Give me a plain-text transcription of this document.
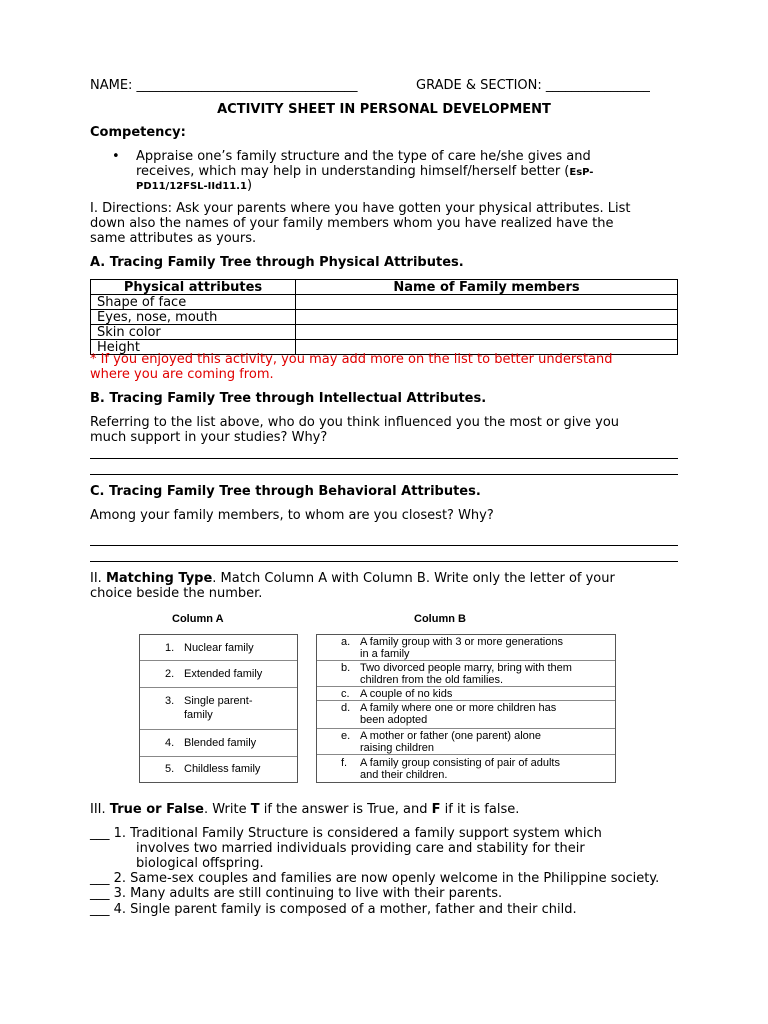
NAME: __________________________________	GRADE & SECTION: ________________
ACTIVITY SHEET IN PERSONAL DEVELOPMENT
Competency:
• Appraise one’s family structure and the type of care he/she gives and
receives, which may help in understanding himself/herself better (EsP-
PD11/12FSL-IId11.1)
I. Directions: Ask your parents where you have gotten your physical attributes. List
down also the names of your family members whom you have realized have the
same attributes as yours.
A. Tracing Family Tree through Physical Attributes.
Physical attributes	Name of Family members
Shape of face	
Eyes, nose, mouth	
Skin color	
Height	
* If you enjoyed this activity, you may add more on the list to better understand
where you are coming from.
B. Tracing Family Tree through Intellectual Attributes.
Referring to the list above, who do you think influenced you the most or give you
much support in your studies? Why?
C. Tracing Family Tree through Behavioral Attributes.
Among your family members, to whom are you closest? Why?
II. Matching Type. Match Column A with Column B. Write only the letter of your
choice beside the number.
Column A	Column B
1. Nuclear family
2. Extended family
3. Single parent-
family
4. Blended family
5. Childless family
a. A family group with 3 or more generations
in a family
b. Two divorced people marry, bring with them
children from the old families.
c. A couple of no kids
d. A family where one or more children has
been adopted
e. A mother or father (one parent) alone
raising children
f. A family group consisting of pair of adults
and their children.
III. True or False. Write T if the answer is True, and F if it is false.
___ 1. Traditional Family Structure is considered a family support system which
involves two married individuals providing care and stability for their
biological offspring.
___ 2. Same-sex couples and families are now openly welcome in the Philippine society.
___ 3. Many adults are still continuing to live with their parents.
___ 4. Single parent family is composed of a mother, father and their child.
